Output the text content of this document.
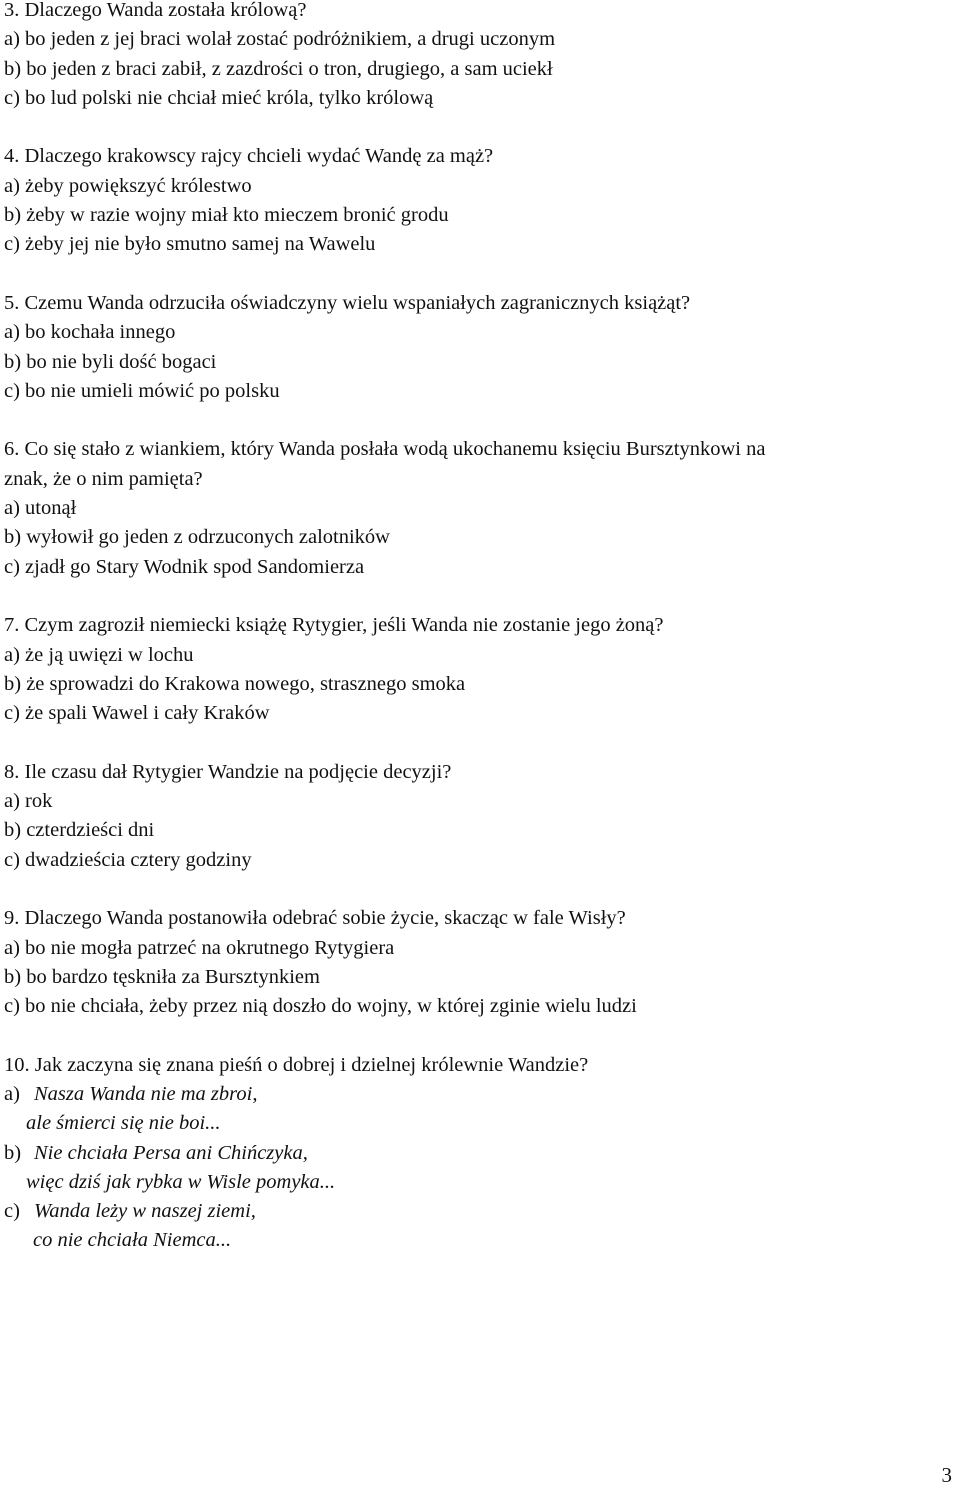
3. Dlaczego Wanda została królową?
a) bo jeden z jej braci wolał zostać podróżnikiem, a drugi uczonym
b) bo jeden z braci zabił, z zazdrości o tron, drugiego, a sam uciekł
c) bo lud polski nie chciał mieć króla, tylko królową
4. Dlaczego krakowscy rajcy chcieli wydać Wandę za mąż?
a) żeby powiększyć królestwo
b) żeby w razie wojny miał kto mieczem bronić grodu
c) żeby jej nie było smutno samej na Wawelu
5. Czemu Wanda odrzuciła oświadczyny wielu wspaniałych zagranicznych książąt?
a) bo kochała innego
b) bo nie byli dość bogaci
c) bo nie umieli mówić po polsku
6. Co się stało z wiankiem, który Wanda posłała wodą ukochanemu księciu Bursztynkowi na
znak, że o nim pamięta?
a) utonął
b) wyłowił go jeden z odrzuconych zalotników
c) zjadł go Stary Wodnik spod Sandomierza
7. Czym zagroził niemiecki książę Rytygier, jeśli Wanda nie zostanie jego żoną?
a) że ją uwięzi w lochu
b) że sprowadzi do Krakowa nowego, strasznego smoka
c) że spali Wawel i cały Kraków
8. Ile czasu dał Rytygier Wandzie na podjęcie decyzji?
a) rok
b) czterdzieści dni
c) dwadzieścia cztery godziny
9. Dlaczego Wanda postanowiła odebrać sobie życie, skacząc w fale Wisły?
a) bo nie mogła patrzeć na okrutnego Rytygiera
b) bo bardzo tęskniła za Bursztynkiem
c) bo nie chciała, żeby przez nią doszło do wojny, w której zginie wielu ludzi
10. Jak zaczyna się znana pieśń o dobrej i dzielnej królewnie Wandzie?
a) Nasza Wanda nie ma zbroi,
ale śmierci się nie boi...
b) Nie chciała Persa ani Chińczyka,
więc dziś jak rybka w Wisle pomyka...
c) Wanda leży w naszej ziemi,
co nie chciała Niemca...
3
